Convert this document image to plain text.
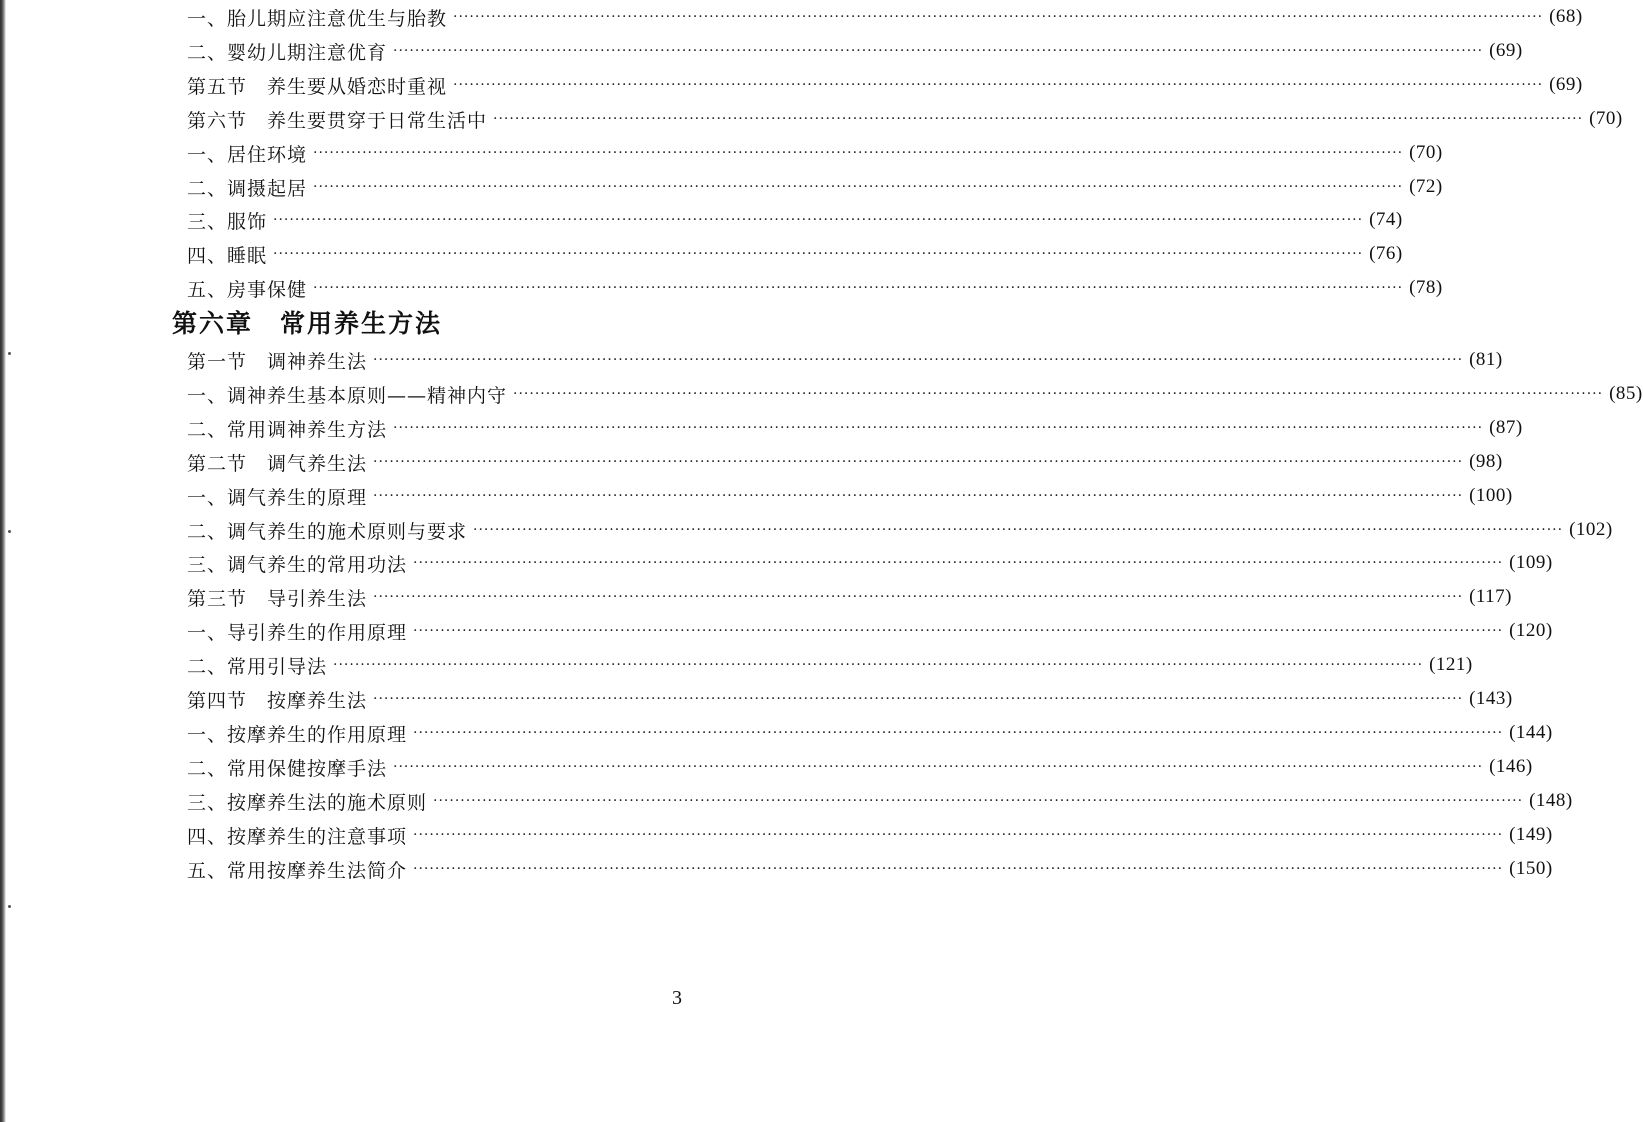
一、胎儿期应注意优生与胎教 ········································································································································································································ (68)
二、婴幼儿期注意优育 ········································································································································································································ (69)
第五节　养生要从婚恋时重视 ········································································································································································································ (69)
第六节　养生要贯穿于日常生活中 ········································································································································································································ (70)
一、居住环境 ········································································································································································································ (70)
二、调摄起居 ········································································································································································································ (72)
三、服饰 ········································································································································································································ (74)
四、睡眠 ········································································································································································································ (76)
五、房事保健 ········································································································································································································ (78)
第六章　常用养生方法
第一节　调神养生法 ········································································································································································································ (81)
一、调神养生基本原则——精神内守 ········································································································································································································ (85)
二、常用调神养生方法 ········································································································································································································ (87)
第二节　调气养生法 ········································································································································································································ (98)
一、调气养生的原理 ········································································································································································································ (100)
二、调气养生的施术原则与要求 ········································································································································································································ (102)
三、调气养生的常用功法 ········································································································································································································ (109)
第三节　导引养生法 ········································································································································································································ (117)
一、导引养生的作用原理 ········································································································································································································ (120)
二、常用引导法 ········································································································································································································ (121)
第四节　按摩养生法 ········································································································································································································ (143)
一、按摩养生的作用原理 ········································································································································································································ (144)
二、常用保健按摩手法 ········································································································································································································ (146)
三、按摩养生法的施术原则 ········································································································································································································ (148)
四、按摩养生的注意事项 ········································································································································································································ (149)
五、常用按摩养生法简介 ········································································································································································································ (150)
3
